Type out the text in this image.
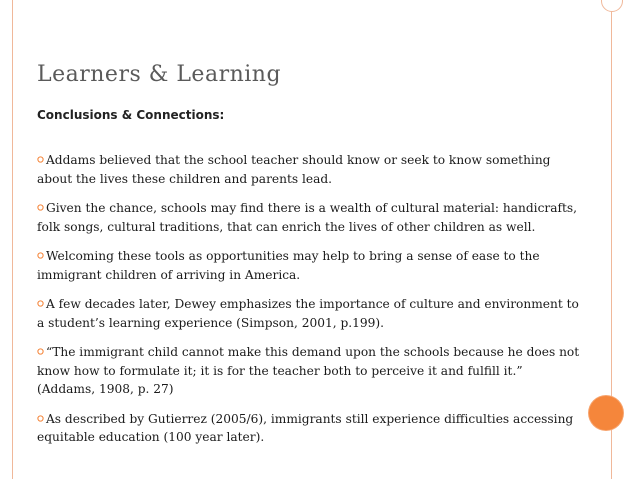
Learners & Learning
Conclusions & Connections:
Addams believed that the school teacher should know or seek to know something about the lives these children and parents lead.
Given the chance, schools may find there is a wealth of cultural material: handicrafts, folk songs, cultural traditions, that can enrich the lives of other children as well.
Welcoming these tools as opportunities may help to bring a sense of ease to the immigrant children of arriving in America.
A few decades later, Dewey emphasizes the importance of culture and environment to a student’s learning experience (Simpson, 2001, p.199).
“The immigrant child cannot make this demand upon the schools because he does not know how to formulate it; it is for the teacher both to perceive it and fulfill it.” (Addams, 1908, p. 27)
As described by Gutierrez (2005/6), immigrants still experience difficulties accessing equitable education (100 year later).
